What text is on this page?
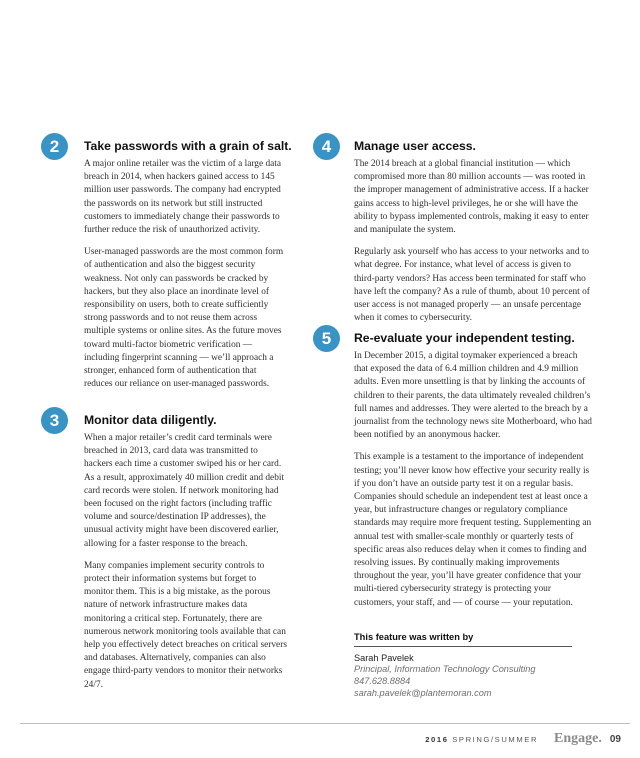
2	Take passwords with a grain of salt.

A major online retailer was the victim of a large data breach in 2014, when hackers gained access to 145 million user passwords. The company had encrypted the passwords on its network but still instructed customers to immediately change their passwords to further reduce the risk of unauthorized activity.

User-managed passwords are the most common form of authentication and also the biggest security weakness. Not only can passwords be cracked by hackers, but they also place an inordinate level of responsibility on users, both to create sufficiently strong passwords and to not reuse them across multiple systems or online sites. As the future moves toward multi-factor biometric verification — including fingerprint scanning — we’ll approach a stronger, enhanced form of authentication that reduces our reliance on user-managed passwords.

3	Monitor data diligently.

When a major retailer’s credit card terminals were breached in 2013, card data was transmitted to hackers each time a customer swiped his or her card. As a result, approximately 40 million credit and debit card records were stolen. If network monitoring had been focused on the right factors (including traffic volume and source/destination IP addresses), the unusual activity might have been discovered earlier, allowing for a faster response to the breach.

Many companies implement security controls to protect their information systems but forget to monitor them. This is a big mistake, as the porous nature of network infrastructure makes data monitoring a critical step. Fortunately, there are numerous network monitoring tools available that can help you effectively detect breaches on critical servers and databases. Alternatively, companies can also engage third-party vendors to monitor their networks 24/7.

4	Manage user access.

The 2014 breach at a global financial institution — which compromised more than 80 million accounts — was rooted in the improper management of administrative access. If a hacker gains access to high-level privileges, he or she will have the ability to bypass implemented controls, making it easy to enter and manipulate the system.

Regularly ask yourself who has access to your networks and to what degree. For instance, what level of access is given to third-party vendors? Has access been terminated for staff who have left the company? As a rule of thumb, about 10 percent of user access is not managed properly — an unsafe percentage when it comes to cybersecurity.

5	Re-evaluate your independent testing.

In December 2015, a digital toymaker experienced a breach that exposed the data of 6.4 million children and 4.9 million adults. Even more unsettling is that by linking the accounts of children to their parents, the data ultimately revealed children’s full names and addresses. They were alerted to the breach by a journalist from the technology news site Motherboard, who had been notified by an anonymous hacker.

This example is a testament to the importance of independent testing; you’ll never know how effective your security really is if you don’t have an outside party test it on a regular basis. Companies should schedule an independent test at least once a year, but infrastructure changes or regulatory compliance standards may require more frequent testing. Supplementing an annual test with smaller-scale monthly or quarterly tests of specific areas also reduces delay when it comes to finding and resolving issues. By continually making improvements throughout the year, you’ll have greater confidence that your multi-tiered cybersecurity strategy is protecting your customers, your staff, and — of course — your reputation.

This feature was written by
Sarah Pavelek
Principal, Information Technology Consulting
847.628.8884
sarah.pavelek@plantemoran.com
2016 SPRING/SUMMER Engage. 09
